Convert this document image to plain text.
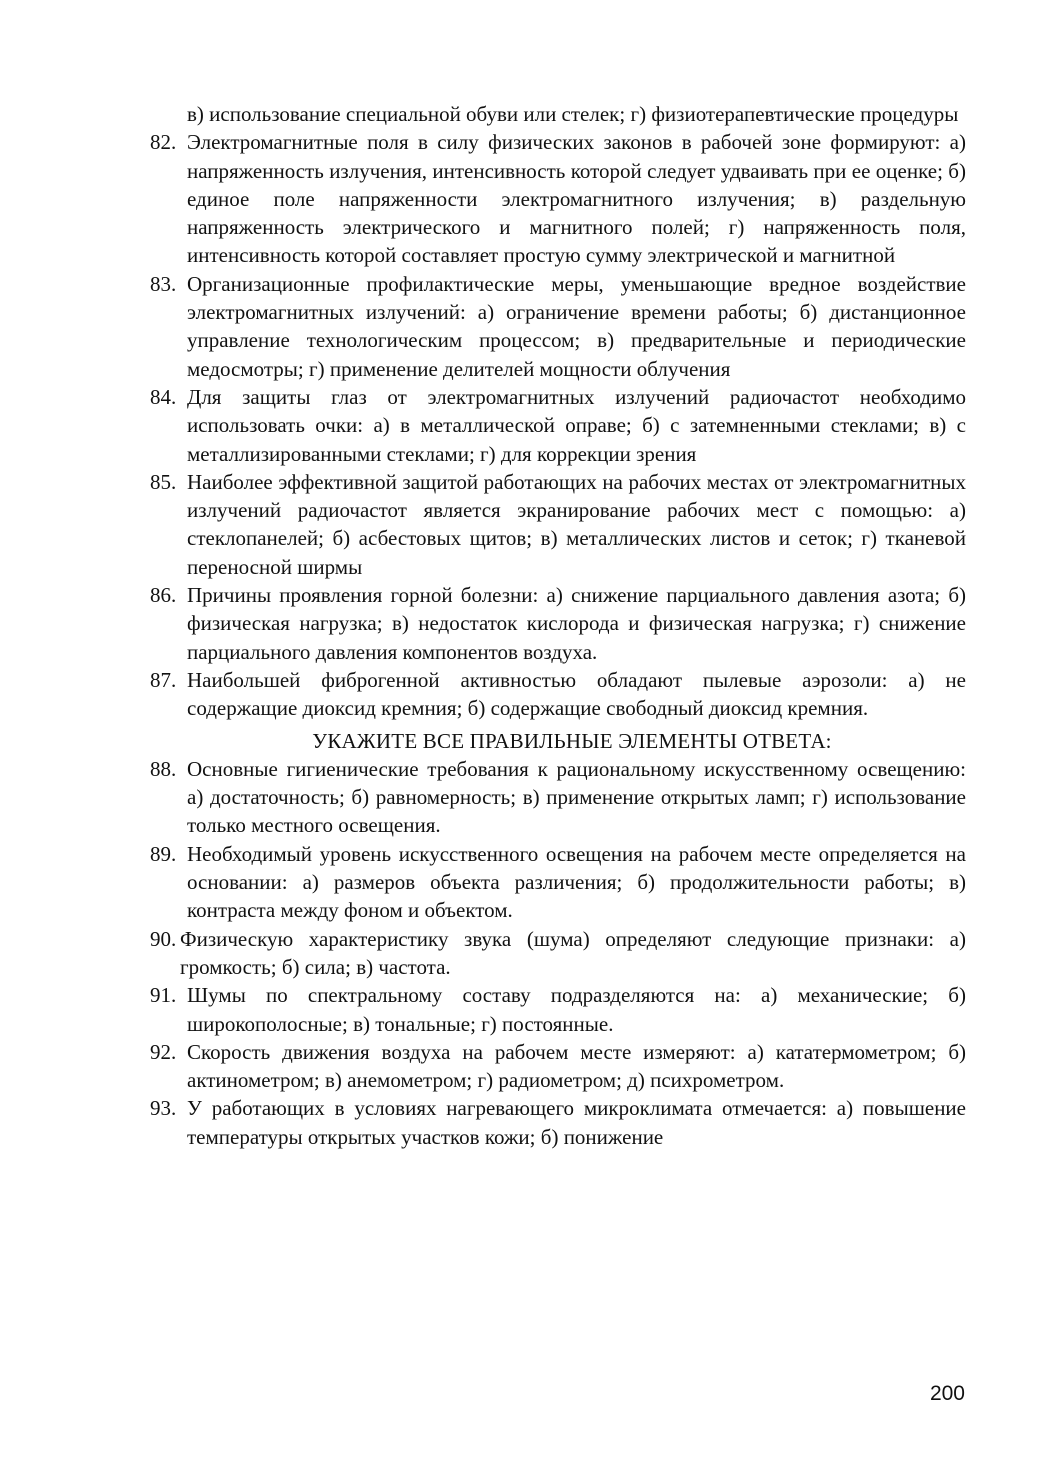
в) использование специальной обуви или стелек; г) физиотерапевтические процедуры
82. Электромагнитные поля в силу физических законов в рабочей зоне формируют: а) напряженность излучения, интенсивность которой следует удваивать при ее оценке; б) единое поле напряженности электромагнитного излучения; в) раздельную напряженность электрического и магнитного полей; г) напряженность поля, интенсивность которой составляет простую сумму электрической и магнитной
83. Организационные профилактические меры, уменьшающие вредное воздействие электромагнитных излучений: а) ограничение времени работы; б) дистанционное управление технологическим процессом; в) предварительные и периодические медосмотры; г) применение делителей мощности облучения
84. Для защиты глаз от электромагнитных излучений радиочастот необходимо использовать очки: а) в металлической оправе; б) с затемненными стеклами; в) с металлизированными стеклами; г) для коррекции зрения
85. Наиболее эффективной защитой работающих на рабочих местах от электромагнитных излучений радиочастот является экранирование рабочих мест с помощью: а) стеклопанелей; б) асбестовых щитов; в) металлических листов и сеток; г) тканевой переносной ширмы
86. Причины проявления горной болезни: а) снижение парциального давления азота; б) физическая нагрузка; в) недостаток кислорода и физическая нагрузка; г) снижение парциального давления компонентов воздуха.
87. Наибольшей фиброгенной активностью обладают пылевые аэрозоли: а) не содержащие диоксид кремния; б) содержащие свободный диоксид кремния.
УКАЖИТЕ ВСЕ ПРАВИЛЬНЫЕ ЭЛЕМЕНТЫ ОТВЕТА:
88. Основные гигиенические требования к рациональному искусственному освещению: а) достаточность; б) равномерность; в) применение открытых ламп; г) использование только местного освещения.
89. Необходимый уровень искусственного освещения на рабочем месте определяется на основании: а) размеров объекта различения; б) продолжительности работы; в) контраста между фоном и объектом.
90. Физическую характеристику звука (шума) определяют следующие признаки: а) громкость; б) сила; в) частота.
91. Шумы по спектральному составу подразделяются на: а) механические; б) широкополосные; в) тональные; г) постоянные.
92. Скорость движения воздуха на рабочем месте измеряют: а) кататермометром; б) актинометром; в) анемометром; г) радиометром; д) психрометром.
93. У работающих в условиях нагревающего микроклимата отмечается: а) повышение температуры открытых участков кожи; б) понижение
200
